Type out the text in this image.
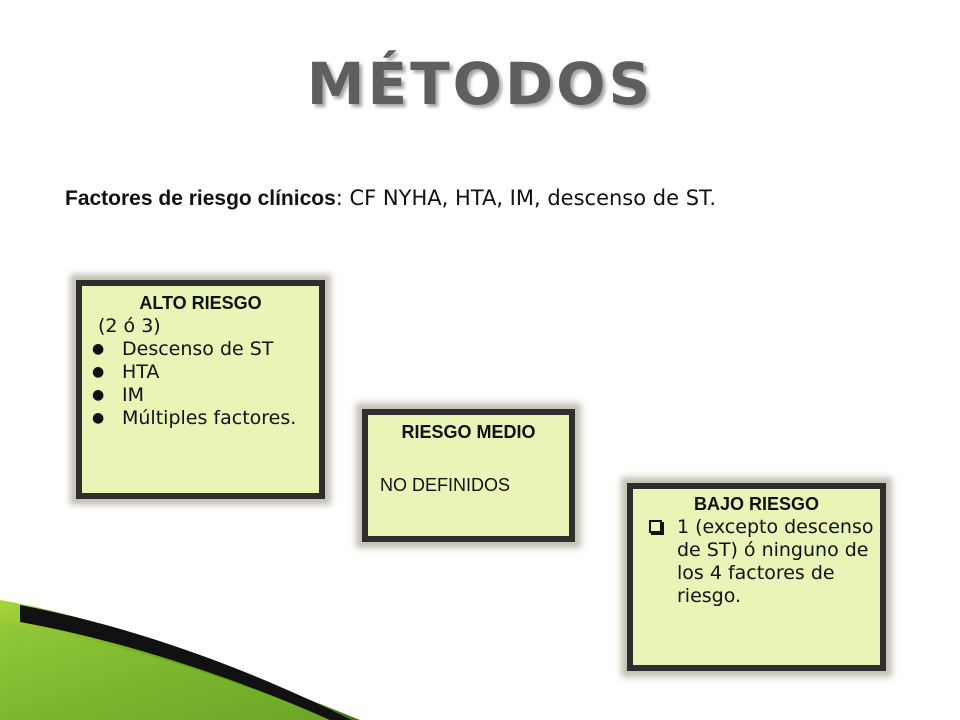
MÉTODOS
Factores de riesgo clínicos: CF NYHA, HTA, IM, descenso de ST.
ALTO RIESGO
(2 ó 3)
● Descenso de ST
● HTA
● IM
● Múltiples factores.
RIESGO MEDIO
NO DEFINIDOS
BAJO RIESGO
1 (excepto descenso de ST) ó ninguno de los 4 factores de riesgo.
